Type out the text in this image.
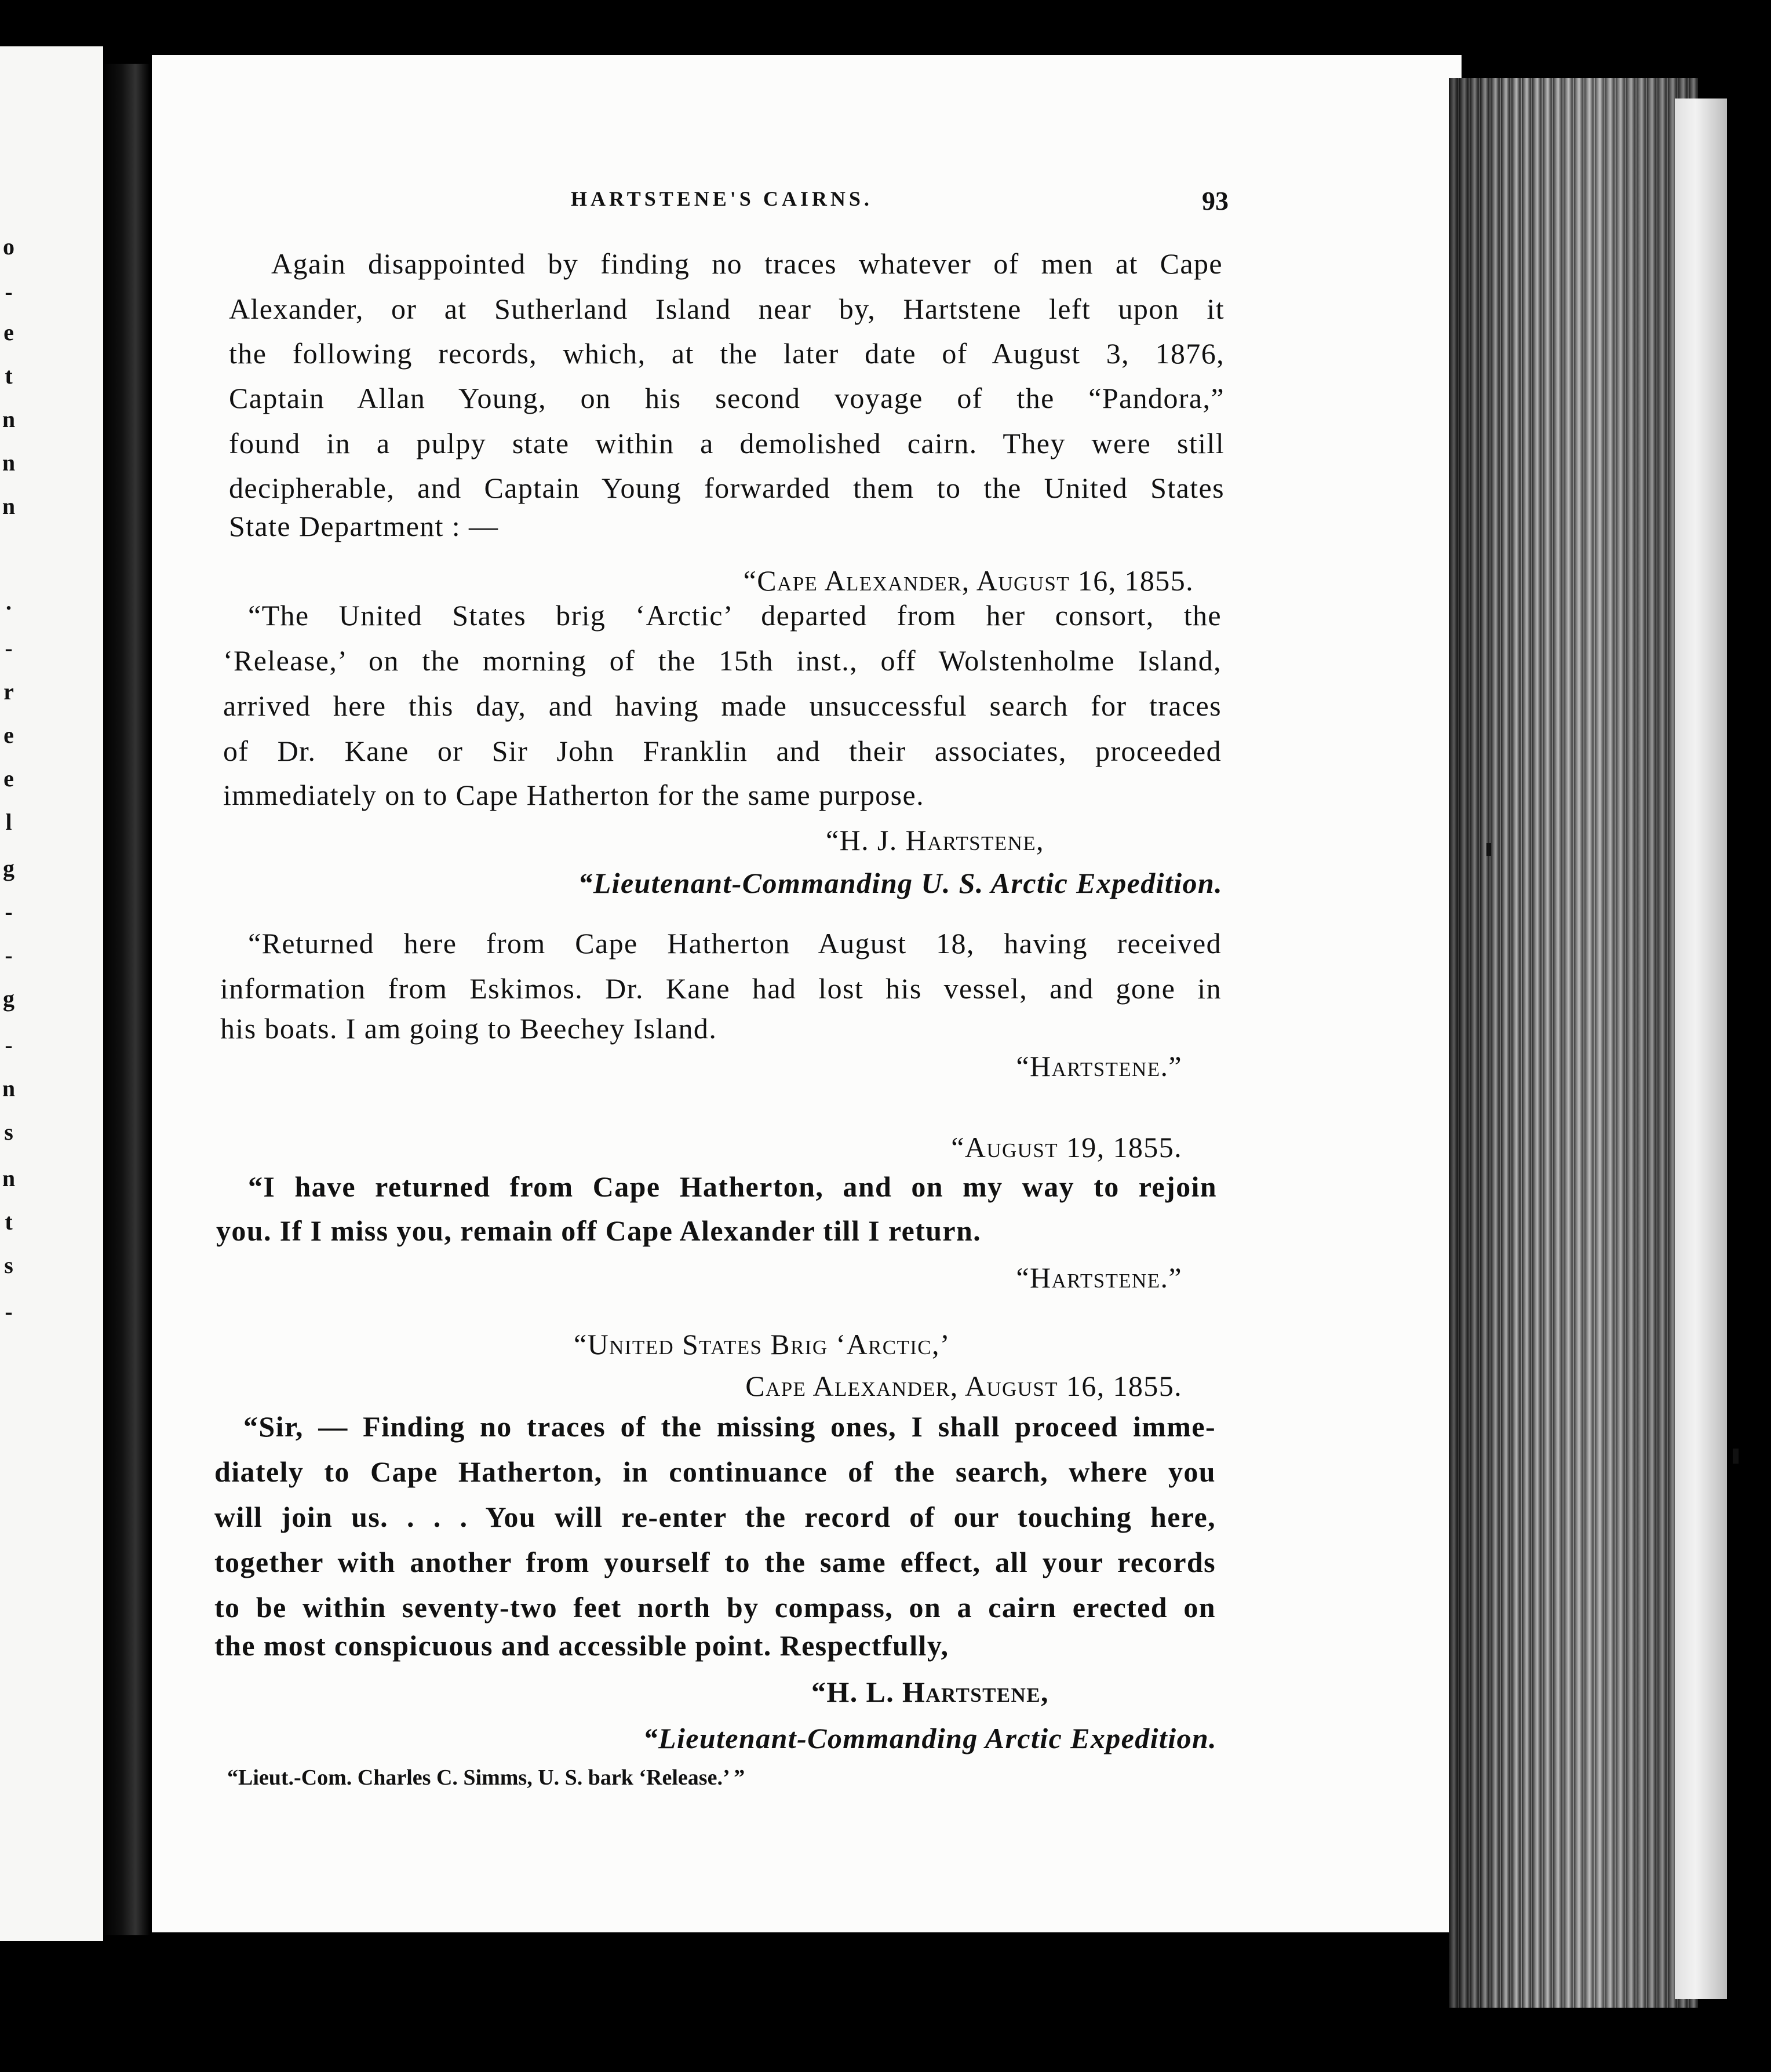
o
-
e
t
n
n
n
.
-
r
e
e
l
g
-
-
g
-
n
s
n
t
s
-
HARTSTENE'S CAIRNS.	93

Again disappointed by finding no traces whatever of men at Cape

Alexander, or at Sutherland Island near by, Hartstene left upon it

the following records, which, at the later date of August 3, 1876,

Captain Allan Young, on his second voyage of the “Pandora,”

found in a pulpy state within a demolished cairn. They were still

decipherable, and Captain Young forwarded them to the United States

State Department : —

“Cape Alexander, August 16, 1855.

“The United States brig ‘Arctic’ departed from her consort, the

‘Release,’ on the morning of the 15th inst., off Wolstenholme Island,

arrived here this day, and having made unsuccessful search for traces

of Dr. Kane or Sir John Franklin and their associates, proceeded

immediately on to Cape Hatherton for the same purpose.

“H. J. Hartstene,

“Lieutenant-Commanding U. S. Arctic Expedition.

“Returned here from Cape Hatherton August 18, having received

information from Eskimos. Dr. Kane had lost his vessel, and gone in

his boats. I am going to Beechey Island.

“Hartstene.”

“August 19, 1855.

“I have returned from Cape Hatherton, and on my way to rejoin

you. If I miss you, remain off Cape Alexander till I return.

“Hartstene.”

“United States Brig ‘Arctic,’

Cape Alexander, August 16, 1855.

“Sir, — Finding no traces of the missing ones, I shall proceed imme-

diately to Cape Hatherton, in continuance of the search, where you

will join us. . . . You will re-enter the record of our touching here,

together with another from yourself to the same effect, all your records

to be within seventy-two feet north by compass, on a cairn erected on

the most conspicuous and accessible point. Respectfully,

“H. L. Hartstene,

“Lieutenant-Commanding Arctic Expedition.

“Lieut.-Com. Charles C. Simms, U. S. bark ‘Release.’ ”
